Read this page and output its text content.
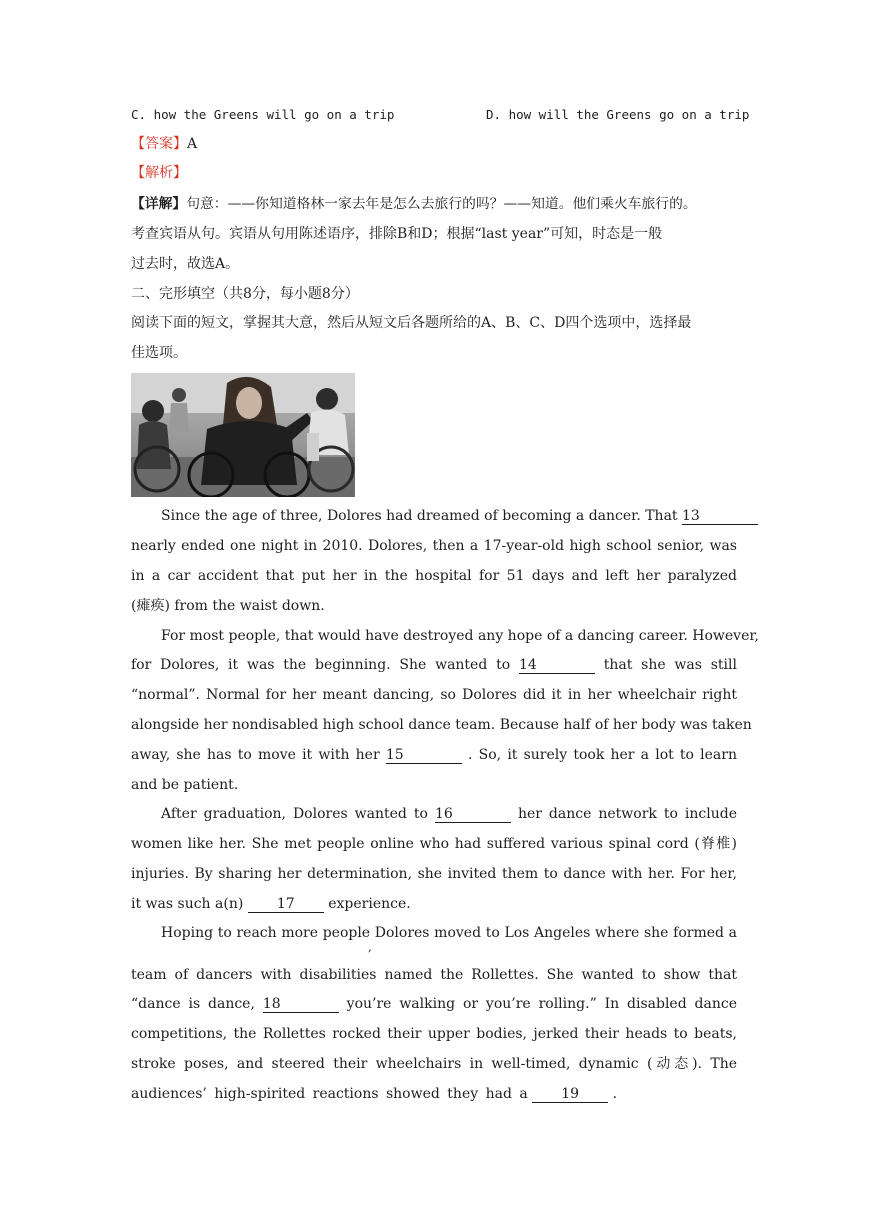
C. how the Greens will go on a trip	D. how will the Greens go on a trip
【答案】A
【解析】
【详解】句意：——你知道格林一家去年是怎么去旅行的吗？——知道。他们乘火车旅行的。
考查宾语从句。宾语从句用陈述语序，排除B和D；根据“last year”可知，时态是一般
过去时，故选A。
二、完形填空（共8分，每小题8分）
阅读下面的短文，掌握其大意，然后从短文后各题所给的A、B、C、D四个选项中，选择最
佳选项。
Since the age of three, Dolores had dreamed of becoming a dancer. That 13
nearly ended one night in 2010. Dolores, then a 17-year-old high school senior, was
in a car accident that put her in the hospital for 51 days and left her paralyzed
(瘫痪) from the waist down.
For most people, that would have destroyed any hope of a dancing career. However,
for Dolores, it was the beginning. She wanted to 14	that she was still
“normal”. Normal for her meant dancing, so Dolores did it in her wheelchair right
alongside her nondisabled high school dance team. Because half of her body was taken
away, she has to move it with her 15	. So, it surely took her a lot to learn
and be patient.
After graduation, Dolores wanted to 16	her dance network to include
women like her. She met people online who had suffered various spinal cord (脊椎)
injuries. By sharing her determination, she invited them to dance with her. For her,
it was such a(n) 17 experience.
Hoping to reach more people Dolores moved to Los Angeles where she formed a
,
team of dancers with disabilities named the Rollettes. She wanted to show that
“dance is dance, 18	you’re walking or you’re rolling.” In disabled dance
competitions, the Rollettes rocked their upper bodies, jerked their heads to beats,
stroke poses, and steered their wheelchairs in well-timed, dynamic (动态). The
audiences’ high-spirited reactions showed they had a 19 .
